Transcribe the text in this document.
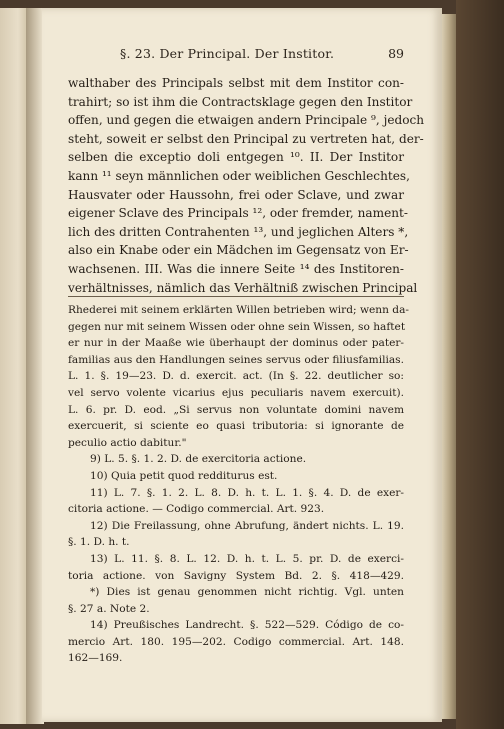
§. 23. Der Principal. Der Institor.	89
walthaber des Principals selbst mit dem Institor con-
trahirt; so ist ihm die Contractsklage gegen den Institor
offen, und gegen die etwaigen andern Principale ⁹, jedoch
steht, soweit er selbst den Principal zu vertreten hat, der-
selben die exceptio doli entgegen ¹⁰. II. Der Institor
kann ¹¹ seyn männlichen oder weiblichen Geschlechtes,
Hausvater oder Haussohn, frei oder Sclave, und zwar
eigener Sclave des Principals ¹², oder fremder, nament-
lich des dritten Contrahenten ¹³, und jeglichen Alters *,
also ein Knabe oder ein Mädchen im Gegensatz von Er-
wachsenen. III. Was die innere Seite ¹⁴ des Institoren-
verhältnisses, nämlich das Verhältniß zwischen Principal
Rhederei mit seinem erklärten Willen betrieben wird; wenn da-
gegen nur mit seinem Wissen oder ohne sein Wissen, so haftet
er nur in der Maaße wie überhaupt der dominus oder pater-
familias aus den Handlungen seines servus oder filiusfamilias.
L. 1. §. 19—23. D. d. exercit. act. (In §. 22. deutlicher so:
vel servo volente vicarius ejus peculiaris navem exercuit).
L. 6. pr. D. eod. „Si servus non voluntate domini navem
exercuerit, si sciente eo quasi tributoria: si ignorante de
peculio actio dabitur."
9) L. 5. §. 1. 2. D. de exercitoria actione.
10) Quia petit quod redditurus est.
11) L. 7. §. 1. 2. L. 8. D. h. t. L. 1. §. 4. D. de exer-
citoria actione. — Codigo commercial. Art. 923.
12) Die Freilassung, ohne Abrufung, ändert nichts. L. 19.
§. 1. D. h. t.
13) L. 11. §. 8. L. 12. D. h. t. L. 5. pr. D. de exerci-
toria actione. von Savigny System Bd. 2. §. 418—429.
*) Dies ist genau genommen nicht richtig. Vgl. unten
§. 27 a. Note 2.
14) Preußisches Landrecht. §. 522—529. Código de co-
mercio Art. 180. 195—202. Codigo commercial. Art. 148.
162—169.
